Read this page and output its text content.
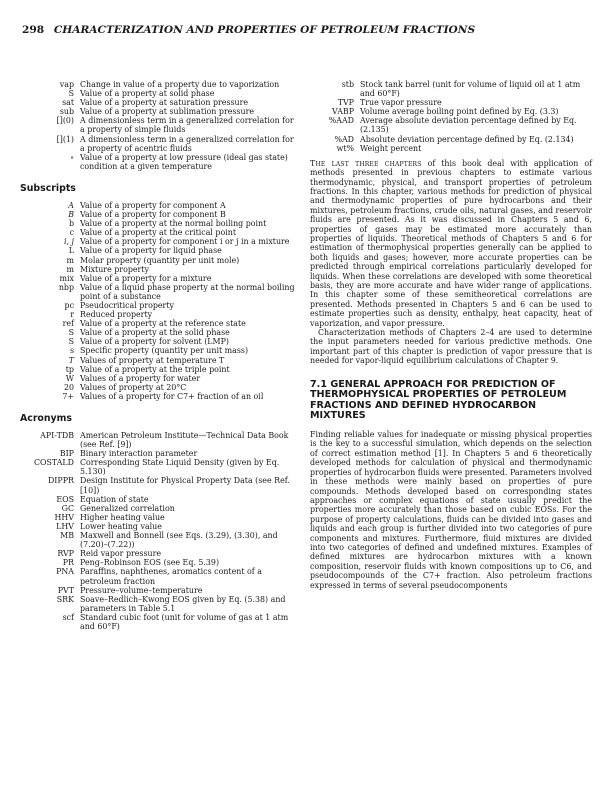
298 CHARACTERIZATION AND PROPERTIES OF PETROLEUM FRACTIONS
vap Change in value of a property due to vaporization
S Value of a property at solid phase
sat Value of a property at saturation pressure
sub Value of a property at sublimation pressure
[](0) A dimensionless term in a generalized correlation for a property of simple fluids
[](1) A dimensionless term in a generalized correlation for a property of acentric fluids
∘ Value of a property at low pressure (ideal gas state) condition at a given temperature
Subscripts
A Value of a property for component A
B Value of a property for component B
b Value of a property at the normal boiling point
c Value of a property at the critical point
i, j Value of a property for component i or j in a mixture
L Value of a property for liquid phase
m Molar property (quantity per unit mole)
m Mixture property
mix Value of a property for a mixture
nbp Value of a liquid phase property at the normal boiling point of a substance
pc Pseudocritical property
r Reduced property
ref Value of a property at the reference state
S Value of a property at the solid phase
S Value of a property for solvent (LMP)
s Specific property (quantity per unit mass)
T Values of property at temperature T
tp Value of a property at the triple point
W Values of a property for water
20 Values of property at 20°C
7+ Values of a property for C7+ fraction of an oil
Acronyms
API-TDB American Petroleum Institute—Technical Data Book (see Ref. [9])
BIP Binary interaction parameter
COSTALD Corresponding State Liquid Density (given by Eq. 5.130)
DIPPR Design Institute for Physical Property Data (see Ref. [10])
EOS Equation of state
GC Generalized correlation
HHV Higher heating value
LHV Lower heating value
MB Maxwell and Bonnell (see Eqs. (3.29), (3.30), and (7.20)–(7.22))
RVP Reid vapor pressure
PR Peng–Robinson EOS (see Eq. 5.39)
PNA Paraffins, naphthenes, aromatics content of a petroleum fraction
PVT Pressure–volume–temperature
SRK Soave–Redlich–Kwong EOS given by Eq. (5.38) and parameters in Table 5.1
scf Standard cubic foot (unit for volume of gas at 1 atm and 60°F)
stb Stock tank barrel (unit for volume of liquid oil at 1 atm and 60°F)
TVP True vapor pressure
VABP Volume average boiling point defined by Eq. (3.3)
%AAD Average absolute deviation percentage defined by Eq. (2.135)
%AD Absolute deviation percentage defined by Eq. (2.134)
wt% Weight percent

The last three chapters of this book deal with application of methods presented in previous chapters to estimate various thermodynamic, physical, and transport properties of petroleum fractions. In this chapter, various methods for prediction of physical and thermodynamic properties of pure hydrocarbons and their mixtures, petroleum fractions, crude oils, natural gases, and reservoir fluids are presented. As it was discussed in Chapters 5 and 6, properties of gases may be estimated more accurately than properties of liquids. Theoretical methods of Chapters 5 and 6 for estimation of thermophysical properties generally can be applied to both liquids and gases; however, more accurate properties can be predicted through empirical correlations particularly developed for liquids. When these correlations are developed with some theoretical basis, they are more accurate and have wider range of applications. In this chapter some of these semitheoretical correlations are presented. Methods presented in Chapters 5 and 6 can be used to estimate properties such as density, enthalpy, heat capacity, heat of vaporization, and vapor pressure.

Characterization methods of Chapters 2–4 are used to determine the input parameters needed for various predictive methods. One important part of this chapter is prediction of vapor pressure that is needed for vapor-liquid equilibrium calculations of Chapter 9.

7.1 GENERAL APPROACH FOR PREDICTION OF THERMOPHYSICAL PROPERTIES OF PETROLEUM FRACTIONS AND DEFINED HYDROCARBON MIXTURES

Finding reliable values for inadequate or missing physical properties is the key to a successful simulation, which depends on the selection of correct estimation method [1]. In Chapters 5 and 6 theoretically developed methods for calculation of physical and thermodynamic properties of hydrocarbon fluids were presented. Parameters involved in these methods were mainly based on properties of pure compounds. Methods developed based on corresponding states approaches or complex equations of state usually predict the properties more accurately than those based on cubic EOSs. For the purpose of property calculations, fluids can be divided into gases and liquids and each group is further divided into two categories of pure components and mixtures. Furthermore, fluid mixtures are divided into two categories of defined and undefined mixtures. Examples of defined mixtures are hydrocarbon mixtures with a known composition, reservoir fluids with known compositions up to C6, and pseudocompounds of the C7+ fraction. Also petroleum fractions expressed in terms of several pseudocomponents
